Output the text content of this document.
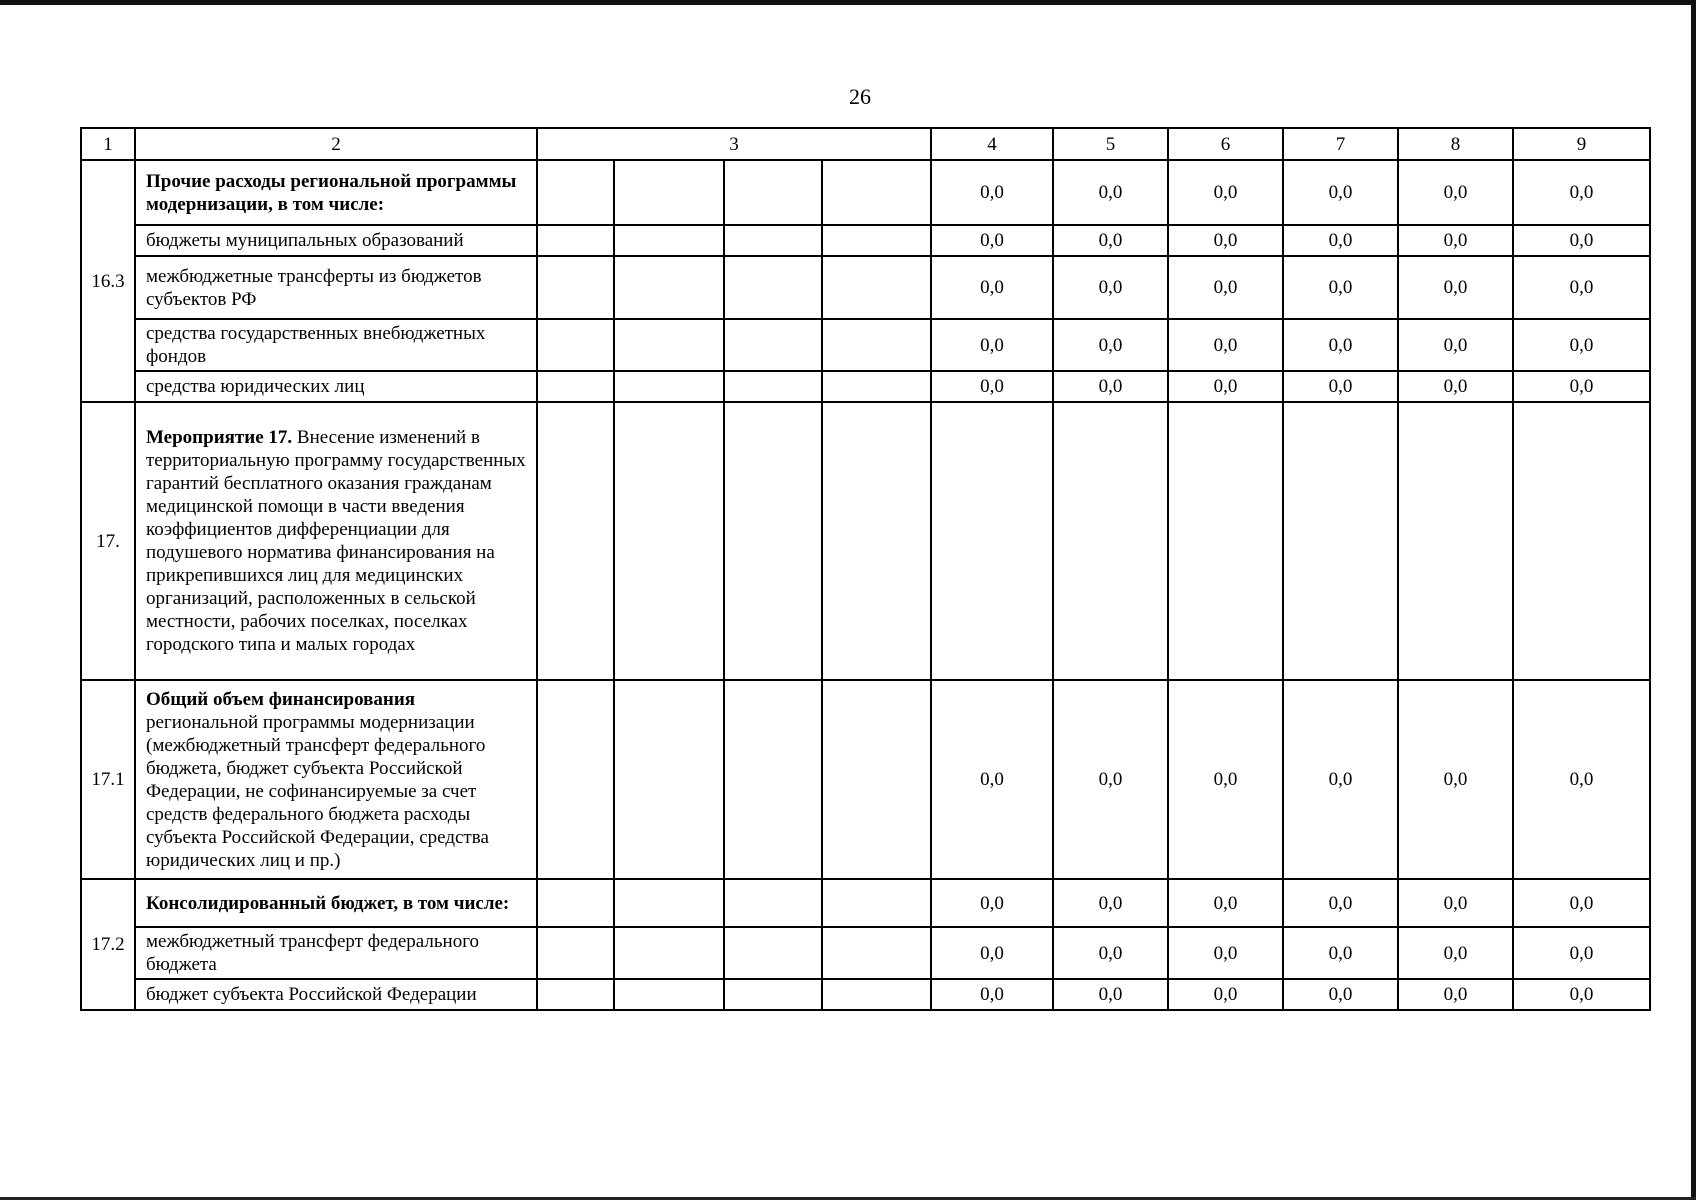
26
1	2	3				4	5	6	7	8	9
16.3	Прочие расходы региональной программы модернизации, в том числе:					0,0	0,0	0,0	0,0	0,0	0,0
	бюджеты муниципальных образований					0,0	0,0	0,0	0,0	0,0	0,0
	межбюджетные трансферты из бюджетов субъектов РФ					0,0	0,0	0,0	0,0	0,0	0,0
	средства государственных внебюджетных фондов					0,0	0,0	0,0	0,0	0,0	0,0
	средства юридических лиц					0,0	0,0	0,0	0,0	0,0	0,0
17.	Мероприятие 17. Внесение изменений в территориальную программу государственных гарантий бесплатного оказания гражданам медицинской помощи в части введения коэффициентов дифференциации для подушевого норматива финансирования на прикрепившихся лиц для медицинских организаций, расположенных в сельской местности, рабочих поселках, поселках городского типа и малых городах										
17.1	Общий объем финансирования региональной программы модернизации (межбюджетный трансферт федерального бюджета, бюджет субъекта Российской Федерации, не софинансируемые за счет средств федерального бюджета расходы субъекта Российской Федерации, средства юридических лиц и пр.)					0,0	0,0	0,0	0,0	0,0	0,0
17.2	Консолидированный бюджет, в том числе:					0,0	0,0	0,0	0,0	0,0	0,0
	межбюджетный трансферт федерального бюджета					0,0	0,0	0,0	0,0	0,0	0,0
	бюджет субъекта Российской Федерации					0,0	0,0	0,0	0,0	0,0	0,0
